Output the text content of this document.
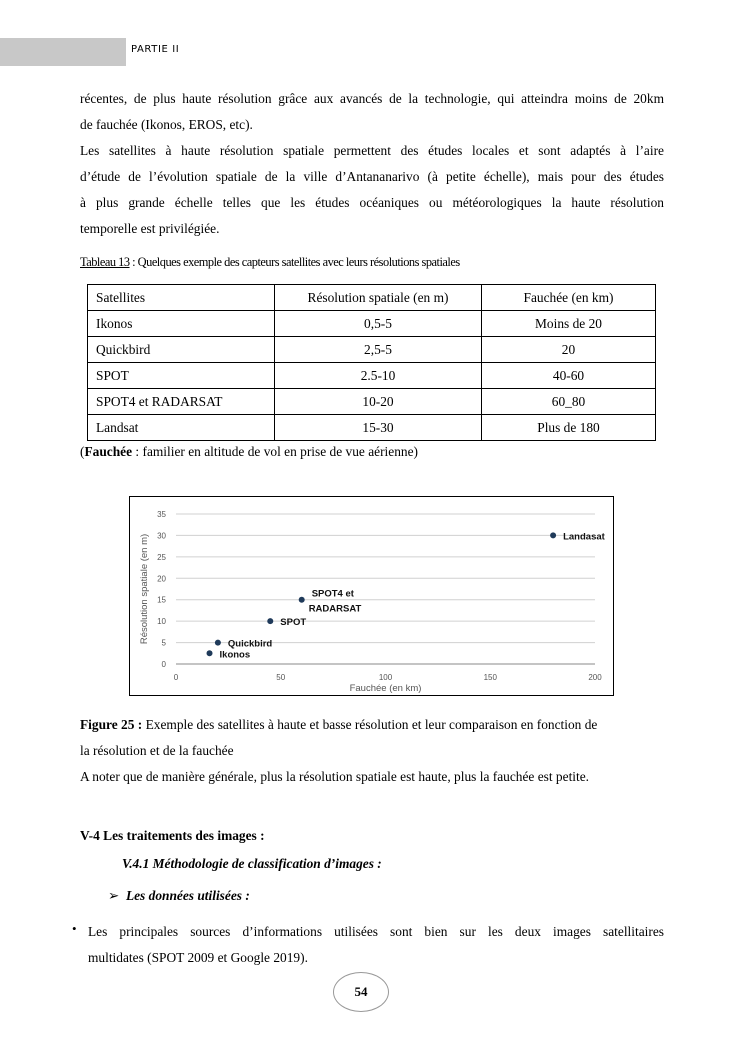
PARTIE II

récentes, de plus haute résolution grâce aux avancés de la technologie, qui atteindra moins de 20km
de fauchée (Ikonos, EROS, etc).

Les satellites à haute résolution spatiale permettent des études locales et sont adaptés à l’aire
d’étude de l’évolution spatiale de la ville d’Antananarivo (à petite échelle), mais pour des études
à plus grande échelle telles que les études océaniques ou météorologiques la haute résolution
temporelle est privilégiée.

Tableau 13 : Quelques exemple des capteurs satellites avec leurs résolutions spatiales
Satellites	Résolution spatiale (en m)	Fauchée (en km)
Ikonos	0,5-5	Moins de 20
Quickbird	2,5-5	20
SPOT	2.5-10	40-60
SPOT4 et RADARSAT	10-20	60_80
Landsat	15-30	Plus de 180
(Fauchée : familier en altitude de vol en prise de vue aérienne)
0
5
10
15
20
25
30
35
0	50	100	150	200
Fauchée (en km)
Résolution spatiale (en m)
Ikonos
Quickbird
SPOT
SPOT4 et
RADARSAT
Landasat
Figure 25 : Exemple des satellites à haute et basse résolution et leur comparaison en fonction de
la résolution et de la fauchée
A noter que de manière générale, plus la résolution spatiale est haute, plus la fauchée est petite.
V-4 Les traitements des images :
V.4.1 Méthodologie de classification d’images :
➢ Les données utilisées :
• Les principales sources d’informations utilisées sont bien sur les deux images satellitaires
multidates (SPOT 2009 et Google 2019).
54
